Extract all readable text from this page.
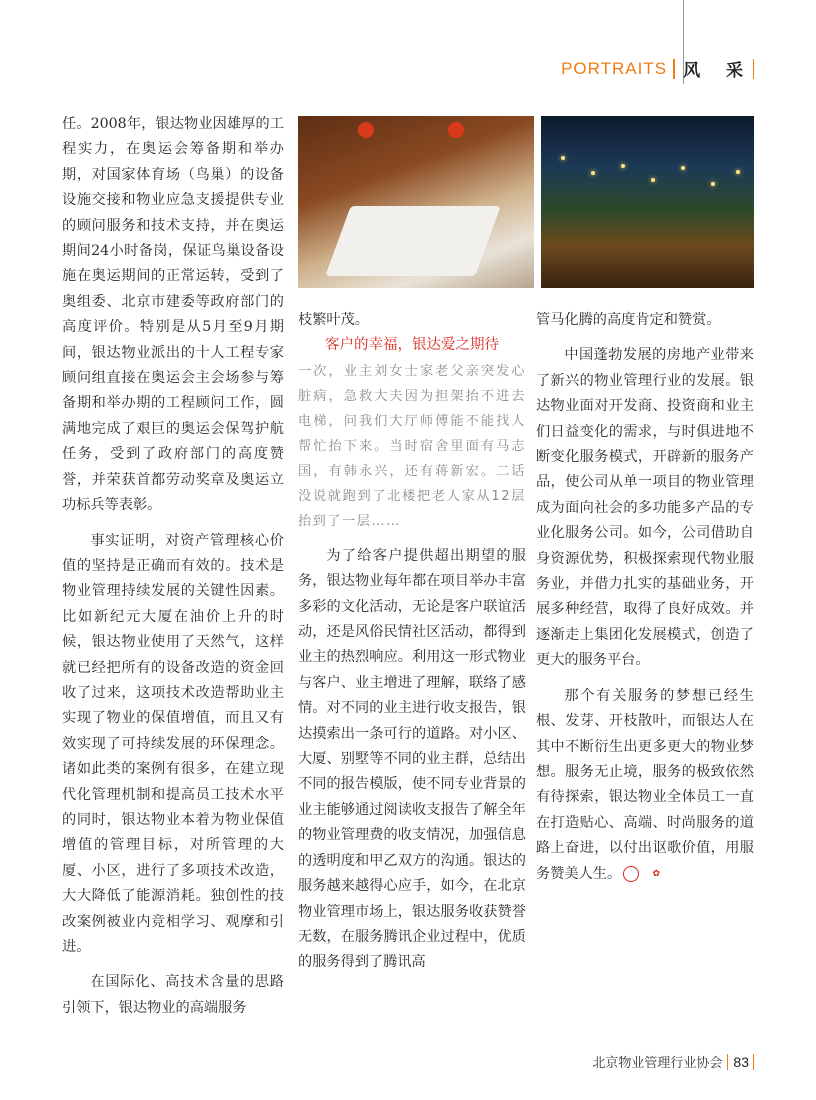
PORTRAITS 风 采

任。2008年，银达物业因雄厚的工程实力，在奥运会筹备期和举办期，对国家体育场（鸟巢）的设备设施交接和物业应急支援提供专业的顾问服务和技术支持，并在奥运期间24小时备岗，保证鸟巢设备设施在奥运期间的正常运转，受到了奥组委、北京市建委等政府部门的高度评价。特别是从5月至9月期间，银达物业派出的十人工程专家顾问组直接在奥运会主会场参与筹备期和举办期的工程顾问工作，圆满地完成了艰巨的奥运会保驾护航任务，受到了政府部门的高度赞誉，并荣获首都劳动奖章及奥运立功标兵等表彰。

事实证明，对资产管理核心价值的坚持是正确而有效的。技术是物业管理持续发展的关键性因素。比如新纪元大厦在油价上升的时候，银达物业使用了天然气，这样就已经把所有的设备改造的资金回收了过来，这项技术改造帮助业主实现了物业的保值增值，而且又有效实现了可持续发展的环保理念。诸如此类的案例有很多，在建立现代化管理机制和提高员工技术水平的同时，银达物业本着为物业保值增值的管理目标，对所管理的大厦、小区，进行了多项技术改造，大大降低了能源消耗。独创性的技改案例被业内竞相学习、观摩和引进。

在国际化、高技术含量的思路引领下，银达物业的高端服务

枝繁叶茂。

客户的幸福，银达爱之期待

一次，业主刘女士家老父亲突发心脏病，急救大夫因为担架抬不进去电梯，问我们大厅师傅能不能找人帮忙抬下来。当时宿舍里面有马志国，有韩永兴，还有蒋新宏。二话没说就跑到了北楼把老人家从12层抬到了一层……

为了给客户提供超出期望的服务，银达物业每年都在项目举办丰富多彩的文化活动，无论是客户联谊活动，还是风俗民情社区活动，都得到业主的热烈响应。利用这一形式物业与客户、业主增进了理解，联络了感情。对不同的业主进行收支报告，银达摸索出一条可行的道路。对小区、大厦、别墅等不同的业主群，总结出不同的报告模版，使不同专业背景的业主能够通过阅读收支报告了解全年的物业管理费的收支情况，加强信息的透明度和甲乙双方的沟通。银达的服务越来越得心应手，如今，在北京物业管理市场上，银达服务收获赞誉无数，在服务腾讯企业过程中，优质的服务得到了腾讯高

管马化腾的高度肯定和赞赏。

中国蓬勃发展的房地产业带来了新兴的物业管理行业的发展。银达物业面对开发商、投资商和业主们日益变化的需求，与时俱进地不断变化服务模式，开辟新的服务产品，使公司从单一项目的物业管理成为面向社会的多功能多产品的专业化服务公司。如今，公司借助自身资源优势，积极探索现代物业服务业，并借力扎实的基础业务，开展多种经营，取得了良好成效。并逐渐走上集团化发展模式，创造了更大的服务平台。

那个有关服务的梦想已经生根、发芽、开枝散叶，而银达人在其中不断衍生出更多更大的物业梦想。服务无止境，服务的极致依然有待探索，银达物业全体员工一直在打造贴心、高端、时尚服务的道路上奋进，以付出讴歌价值，用服务赞美人生。	✿

北京物业管理行业协会 83
